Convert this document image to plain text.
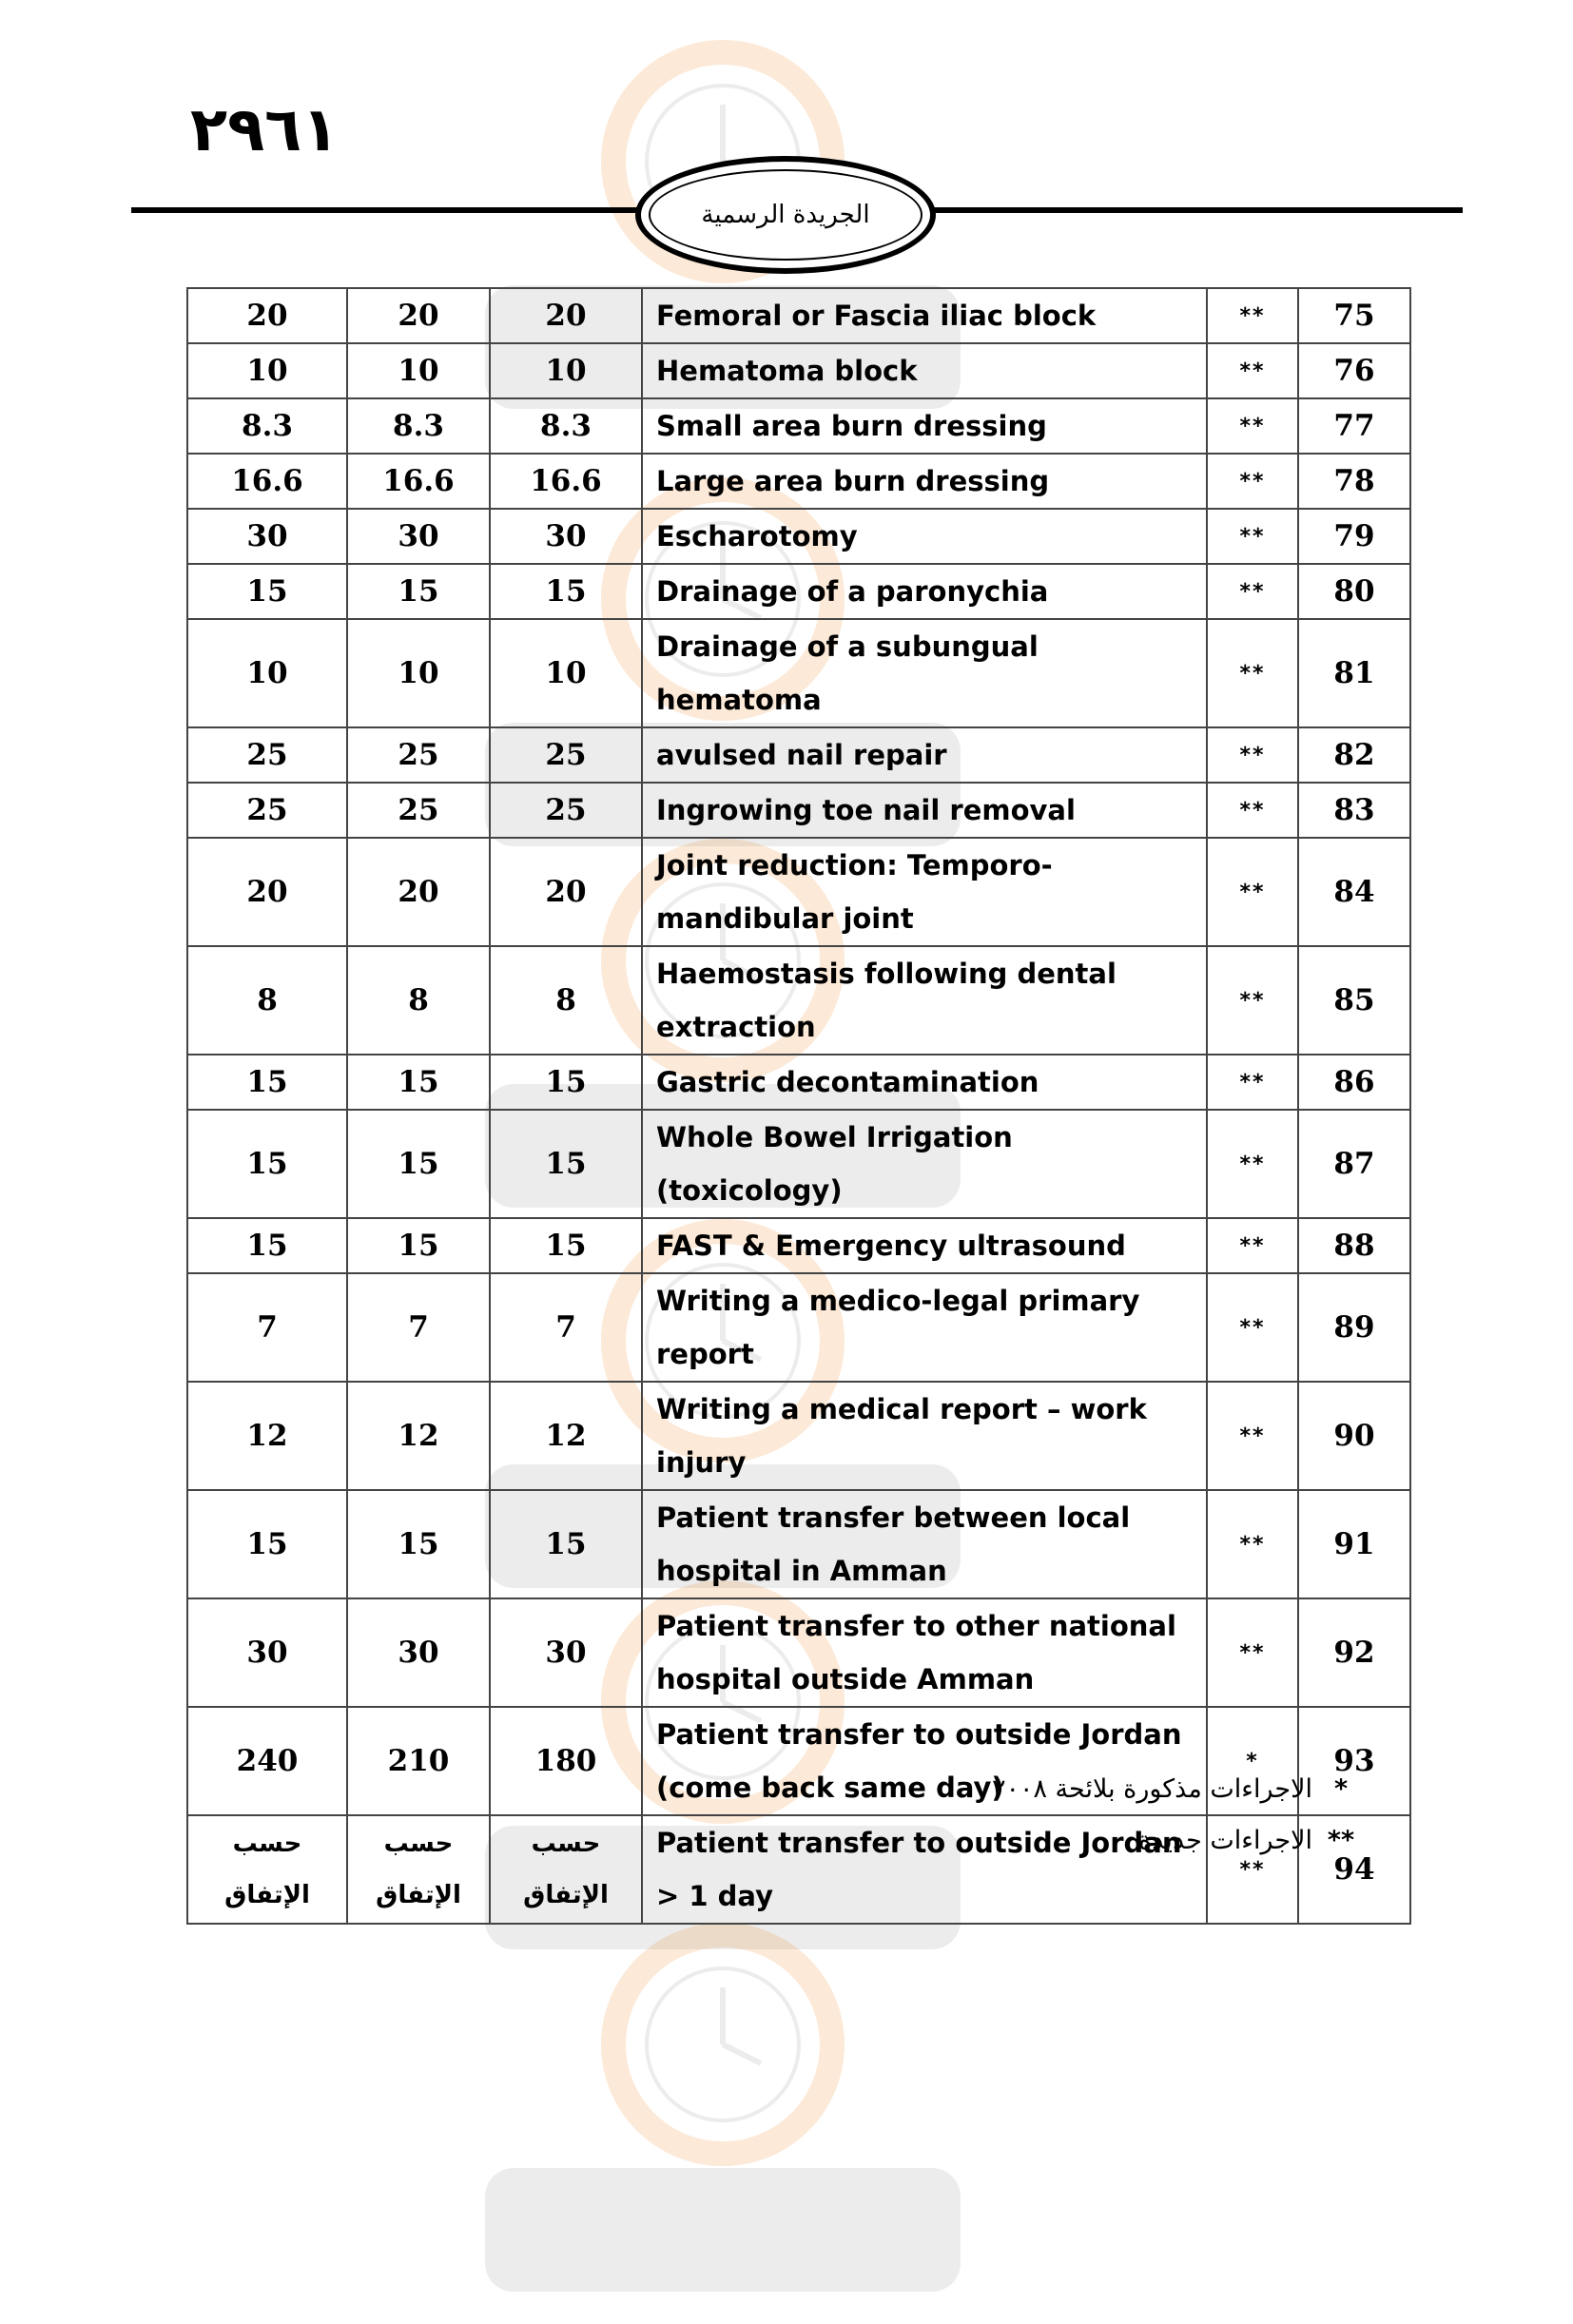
٢٩٦١
الجريدة الرسمية
20	20	20	Femoral or Fascia iliac block	**	75
10	10	10	Hematoma block	**	76
8.3	8.3	8.3	Small area burn dressing	**	77
16.6	16.6	16.6	Large area burn dressing	**	78
30	30	30	Escharotomy	**	79
15	15	15	Drainage of a paronychia	**	80
10	10	10	Drainage of a subungual hematoma	**	81
25	25	25	avulsed nail repair	**	82
25	25	25	Ingrowing toe nail removal	**	83
20	20	20	Joint reduction: Temporo- mandibular joint	**	84
8	8	8	Haemostasis following dental extraction	**	85
15	15	15	Gastric decontamination	**	86
15	15	15	Whole Bowel Irrigation (toxicology)	**	87
15	15	15	FAST & Emergency ultrasound	**	88
7	7	7	Writing a medico-legal primary report	**	89
12	12	12	Writing a medical report – work injury	**	90
15	15	15	Patient transfer between local hospital in Amman	**	91
30	30	30	Patient transfer to other national hospital outside Amman	**	92
240	210	180	Patient transfer to outside Jordan (come back same day)	*	93
حسب الإتفاق	حسب الإتفاق	حسب الإتفاق	Patient transfer to outside Jordan > 1 day	**	94
*
الاجراءات مذكورة بلائحة ٢٠٠٨
**
الاجراءات جديدة
